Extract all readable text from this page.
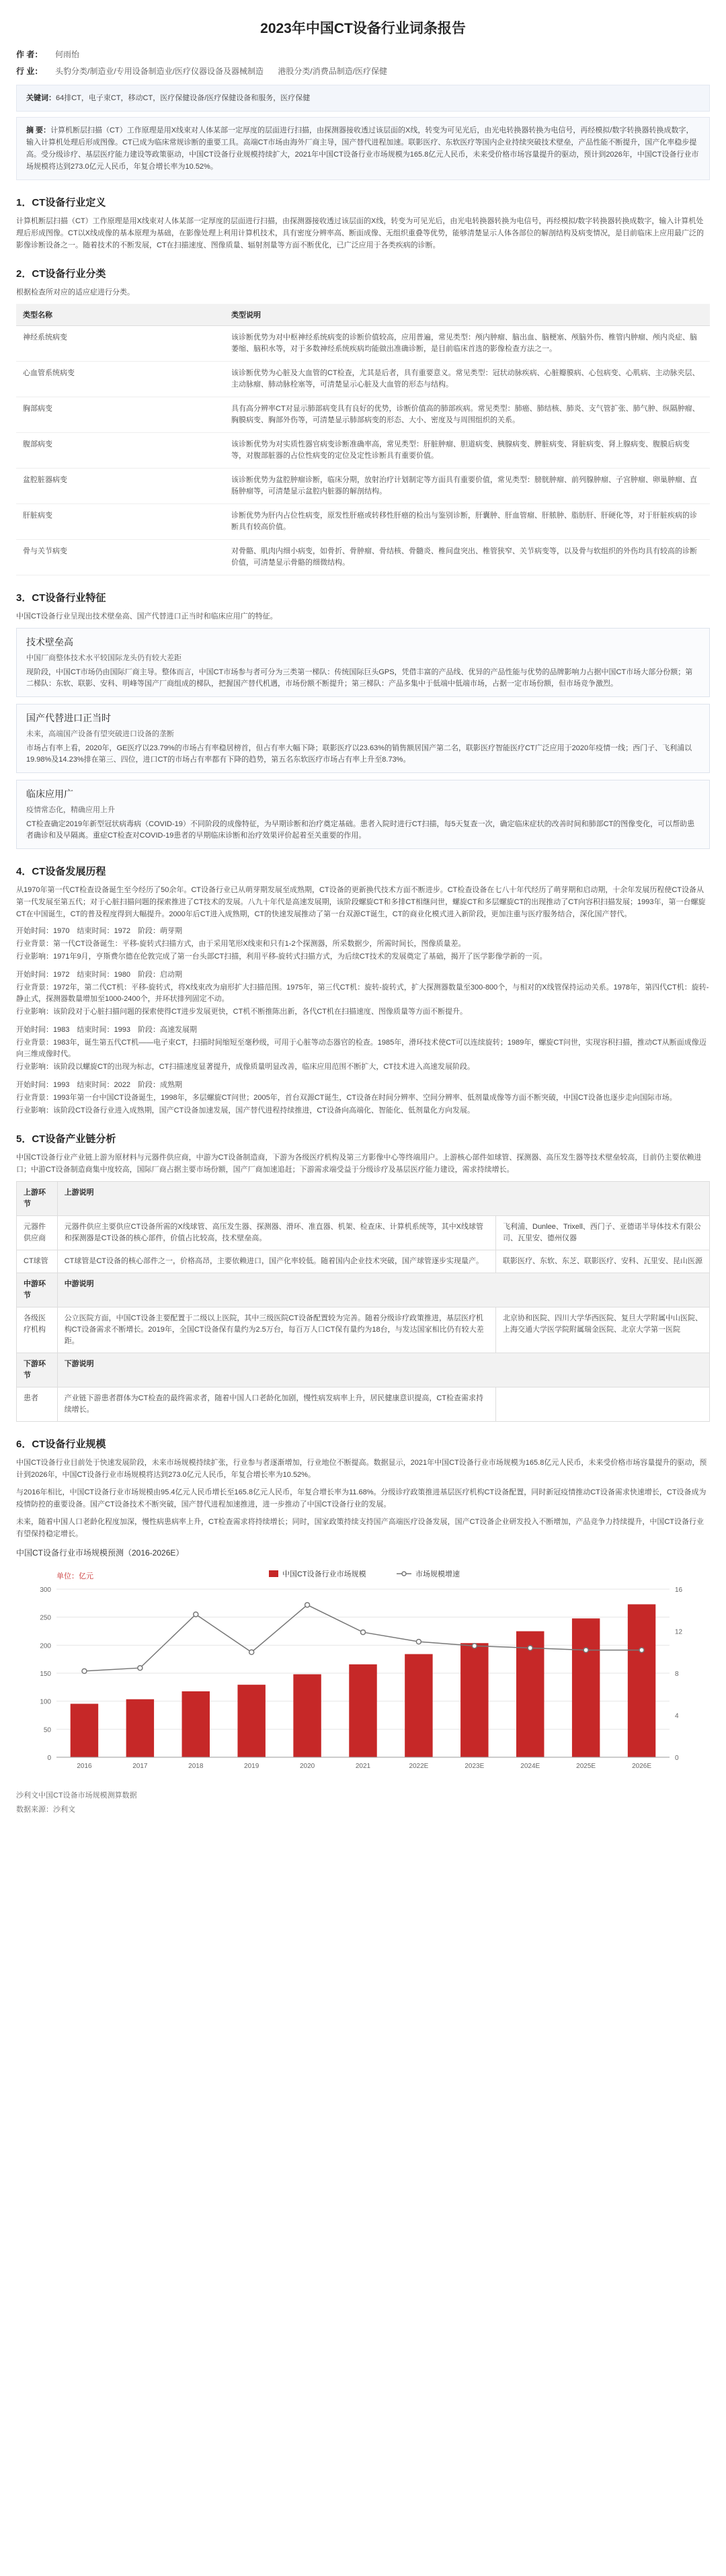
2023年中国CT设备行业词条报告
作 者：	何雨怡
行 业：	头豹分类/制造业/专用设备制造业/医疗仪器设备及器械制造 港股分类/消费品制造/医疗保健
关键词：64排CT，电子束CT，移动CT，医疗保健设备/医疗保健设备和服务，医疗保健
摘 要：计算机断层扫描（CT）工作原理是用X线束对人体某部一定厚度的层面进行扫描，由探测器接收透过该层面的X线，转变为可见光后，由光电转换器转换为电信号，再经模拟/数字转换器转换成数字，输入计算机处理后形成图像。CT已成为临床常规诊断的重要工具。高端CT市场由海外厂商主导，国产替代进程加速。联影医疗、东软医疗等国内企业持续突破技术壁垒，产品性能不断提升，国产化率稳步提高。受分级诊疗、基层医疗能力建设等政策驱动，中国CT设备行业规模持续扩大，2021年中国CT设备行业市场规模为165.8亿元人民币，未来受价格市场容量提升的驱动，预计到2026年，中国CT设备行业市场规模将达到273.0亿元人民币，年复合增长率为10.52%。
1．CT设备行业定义

计算机断层扫描（CT）工作原理是用X线束对人体某部一定厚度的层面进行扫描，由探测器接收透过该层面的X线，转变为可见光后，由光电转换器转换为电信号，再经模拟/数字转换器转换成数字，输入计算机处理后形成图像。CT以X线成像的基本原理为基础，在影像处理上利用计算机技术，具有密度分辨率高、断面成像、无组织重叠等优势，能够清楚显示人体各部位的解剖结构及病变情况，是目前临床上应用最广泛的影像诊断设备之一。随着技术的不断发展，CT在扫描速度、图像质量、辐射剂量等方面不断优化，已广泛应用于各类疾病的诊断。

2．CT设备行业分类

根据检查所对应的适应症进行分类。

类型名称	类型说明
神经系统病变	该诊断优势为对中枢神经系统病变的诊断价值较高，应用普遍，常见类型：颅内肿瘤、脑出血、脑梗塞、颅脑外伤、椎管内肿瘤、颅内炎症、脑萎缩、脑积水等，对于多数神经系统疾病均能做出准确诊断，是目前临床首选的影像检查方法之一。
心血管系统病变	该诊断优势为心脏及大血管的CT检查，尤其是后者，具有重要意义。常见类型：冠状动脉疾病、心脏瓣膜病、心包病变、心肌病、主动脉夹层、主动脉瘤、肺动脉栓塞等，可清楚显示心脏及大血管的形态与结构。
胸部病变	具有高分辨率CT对显示肺部病变具有良好的优势，诊断价值高的肺部疾病。常见类型：肺癌、肺结核、肺炎、支气管扩张、肺气肿、纵隔肿瘤、胸膜病变、胸部外伤等，可清楚显示肺部病变的形态、大小、密度及与周围组织的关系。
腹部病变	该诊断优势为对实质性器官病变诊断准确率高，常见类型：肝脏肿瘤、胆道病变、胰腺病变、脾脏病变、肾脏病变、肾上腺病变、腹膜后病变等，对腹部脏器的占位性病变的定位及定性诊断具有重要价值。
盆腔脏器病变	该诊断优势为盆腔肿瘤诊断，临床分期，放射治疗计划制定等方面具有重要价值，常见类型：膀胱肿瘤、前列腺肿瘤、子宫肿瘤、卵巢肿瘤、直肠肿瘤等，可清楚显示盆腔内脏器的解剖结构。
肝脏病变	诊断优势为肝内占位性病变，原发性肝癌或转移性肝癌的检出与鉴别诊断，肝囊肿、肝血管瘤、肝脓肿、脂肪肝、肝硬化等，对于肝脏疾病的诊断具有较高价值。
骨与关节病变	对骨骼、肌肉内细小病变，如骨折、骨肿瘤、骨结核、骨髓炎、椎间盘突出、椎管狭窄、关节病变等，以及骨与软组织的外伤均具有较高的诊断价值，可清楚显示骨骼的细微结构。
3．CT设备行业特征

中国CT设备行业呈现出技术壁垒高、国产代替进口正当时和临床应用广的特征。

技术壁垒高
中国厂商整体技术水平较国际龙头仍有较大差距
现阶段，中国CT市场仍由国际厂商主导。整体而言，中国CT市场参与者可分为三类第一梯队：传统国际巨头GPS，凭借丰富的产品线、优异的产品性能与优势的品牌影响力占据中国CT市场大部分份额；第二梯队：东软、联影、安科、明峰等国产厂商组成的梯队，把握国产替代机遇，市场份额不断提升；第三梯队：产品多集中于低端中低端市场，占据一定市场份额，但市场竞争激烈。
国产代替进口正当时
未来，高端国产设备有望突破进口设备的垄断
市场占有率上看，2020年，GE医疗以23.79%的市场占有率稳居榜首，但占有率大幅下降；联影医疗以23.63%的销售额居国产第二名，联影医疗智能医疗CT广泛应用于2020年疫情一线；西门子、飞利浦以19.98%及14.23%排在第三、四位，进口CT的市场占有率都有下降的趋势，第五名东软医疗市场占有率上升至8.73%。
临床应用广
疫情常态化，精确应用上升
CT检查确定2019年新型冠状病毒病（COVID-19）不同阶段的成像特征，为早期诊断和治疗奠定基础。患者入院时进行CT扫描，每5天复查一次，确定临床症状的改善时间和肺部CT的图像变化，可以帮助患者确诊和及早隔离。重症CT检查对COVID-19患者的早期临床诊断和治疗效果评价起着至关重要的作用。
4．CT设备发展历程

从1970年第一代CT检查设备诞生至今经历了50余年。CT设备行业已从萌芽期发展至成熟期，CT设备的更新换代技术方面不断进步。CT检查设备在七八十年代经历了萌芽期和启动期，十余年发展历程使CT设备从第一代发展至第五代；对于心脏扫描问题的探索推进了CT技术的发展。八九十年代是高速发展期，该阶段螺旋CT和多排CT相继问世，螺旋CT和多层螺旋CT的出现推动了CT向容积扫描发展；1993年，第一台螺旋CT在中国诞生，CT的普及程度得到大幅提升。2000年后CT进入成熟期，CT的快速发展推动了第一台双源CT诞生，CT的商业化模式进入新阶段，更加注重与医疗服务结合，深化国产替代。

开始时间：1970　结束时间：1972　阶段：萌芽期
行业背景：第一代CT设备诞生：平移-旋转式扫描方式，由于采用笔形X线束和只有1-2个探测器，所采数据少，所需时间长，图像质量差。
行业影响：1971年9月，亨斯费尔德在伦敦完成了第一台头部CT扫描，利用平移-旋转式扫描方式，为后续CT技术的发展奠定了基础，揭开了医学影像学新的一页。
开始时间：1972　结束时间：1980　阶段：启动期
行业背景：1972年，第二代CT机：平移-旋转式，将X线束改为扇形扩大扫描范围。1975年，第三代CT机：旋转-旋转式，扩大探测器数量至300-800个，与相对的X线管保持运动关系。1978年，第四代CT机：旋转-静止式，探测器数量增加至1000-2400个，并环状排列固定不动。
行业影响：该阶段对于心脏扫描问题的探索使得CT进步发展更快，CT机不断推陈出新，各代CT机在扫描速度、图像质量等方面不断提升。
开始时间：1983　结束时间：1993　阶段：高速发展期
行业背景：1983年，诞生第五代CT机——电子束CT，扫描时间缩短至毫秒级，可用于心脏等动态器官的检查。1985年，滑环技术使CT可以连续旋转；1989年，螺旋CT问世，实现容积扫描，推动CT从断面成像迈向三维成像时代。
行业影响：该阶段以螺旋CT的出现为标志，CT扫描速度显著提升，成像质量明显改善，临床应用范围不断扩大，CT技术进入高速发展阶段。
开始时间：1993　结束时间：2022　阶段：成熟期
行业背景：1993年第一台中国CT设备诞生，1998年，多层螺旋CT问世；2005年，首台双源CT诞生，CT设备在时间分辨率、空间分辨率、低剂量成像等方面不断突破，中国CT设备也逐步走向国际市场。
行业影响：该阶段CT设备行业进入成熟期，国产CT设备加速发展，国产替代进程持续推进，CT设备向高端化、智能化、低剂量化方向发展。
5．CT设备产业链分析

中国CT设备行业产业链上游为原材料与元器件供应商，中游为CT设备制造商，下游为各级医疗机构及第三方影像中心等终端用户。上游核心部件如球管、探测器、高压发生器等技术壁垒较高，目前仍主要依赖进口；中游CT设备制造商集中度较高，国际厂商占据主要市场份额，国产厂商加速追赶；下游需求端受益于分级诊疗及基层医疗能力建设，需求持续增长。

上游环节	上游说明	
元器件供应商	元器件供应主要供应CT设备所需的X线球管、高压发生器、探测器、滑环、准直器、机架、检查床、计算机系统等，其中X线球管和探测器是CT设备的核心部件，价值占比较高，技术壁垒高。	飞利浦、Dunlee、Trixell、西门子、亚德诺半导体技术有限公司、瓦里安、德州仪器
CT球管	CT球管是CT设备的核心部件之一，价格高昂，主要依赖进口，国产化率较低。随着国内企业技术突破，国产球管逐步实现量产。	联影医疗、东软、东芝、联影医疗、安科、瓦里安、昆山医源
中游环节	中游说明	
各级医疗机构	公立医院方面，中国CT设备主要配置于二级以上医院，其中三级医院CT设备配置较为完善。随着分级诊疗政策推进，基层医疗机构CT设备需求不断增长。2019年，全国CT设备保有量约为2.5万台，每百万人口CT保有量约为18台，与发达国家相比仍有较大差距。	北京协和医院、四川大学华西医院、复旦大学附属中山医院、上海交通大学医学院附属瑞金医院、北京大学第一医院
下游环节	下游说明	
患者	产业链下游患者群体为CT检查的最终需求者，随着中国人口老龄化加剧，慢性病发病率上升，居民健康意识提高，CT检查需求持续增长。	
6．CT设备行业规模

中国CT设备行业目前处于快速发展阶段，未来市场规模持续扩张，行业参与者逐渐增加，行业地位不断提高。数据显示，2021年中国CT设备行业市场规模为165.8亿元人民币，未来受价格市场容量提升的驱动，预计到2026年，中国CT设备行业市场规模将达到273.0亿元人民币，年复合增长率为10.52%。

与2016年相比，中国CT设备行业市场规模由95.4亿元人民币增长至165.8亿元人民币，年复合增长率为11.68%。分级诊疗政策推进基层医疗机构CT设备配置，同时新冠疫情推动CT设备需求快速增长，CT设备成为疫情防控的重要设备。国产CT设备技术不断突破，国产替代进程加速推进，进一步推动了中国CT设备行业的发展。

未来，随着中国人口老龄化程度加深，慢性病患病率上升，CT检查需求将持续增长；同时，国家政策持续支持国产高端医疗设备发展，国产CT设备企业研发投入不断增加，产品竞争力持续提升，中国CT设备行业有望保持稳定增长。

中国CT设备行业市场规模预测（2016-2026E）
0
50
100
150
200
250
300
0
4
8
12
16
单位：亿元
2016	2017	2018	2019	2020	2021	2022E	2023E	2024E	2025E	2026E
中国CT设备行业市场规模	市场规模增速
沙利文中国CT设备市场规模测算数据
数据来源：沙利文
